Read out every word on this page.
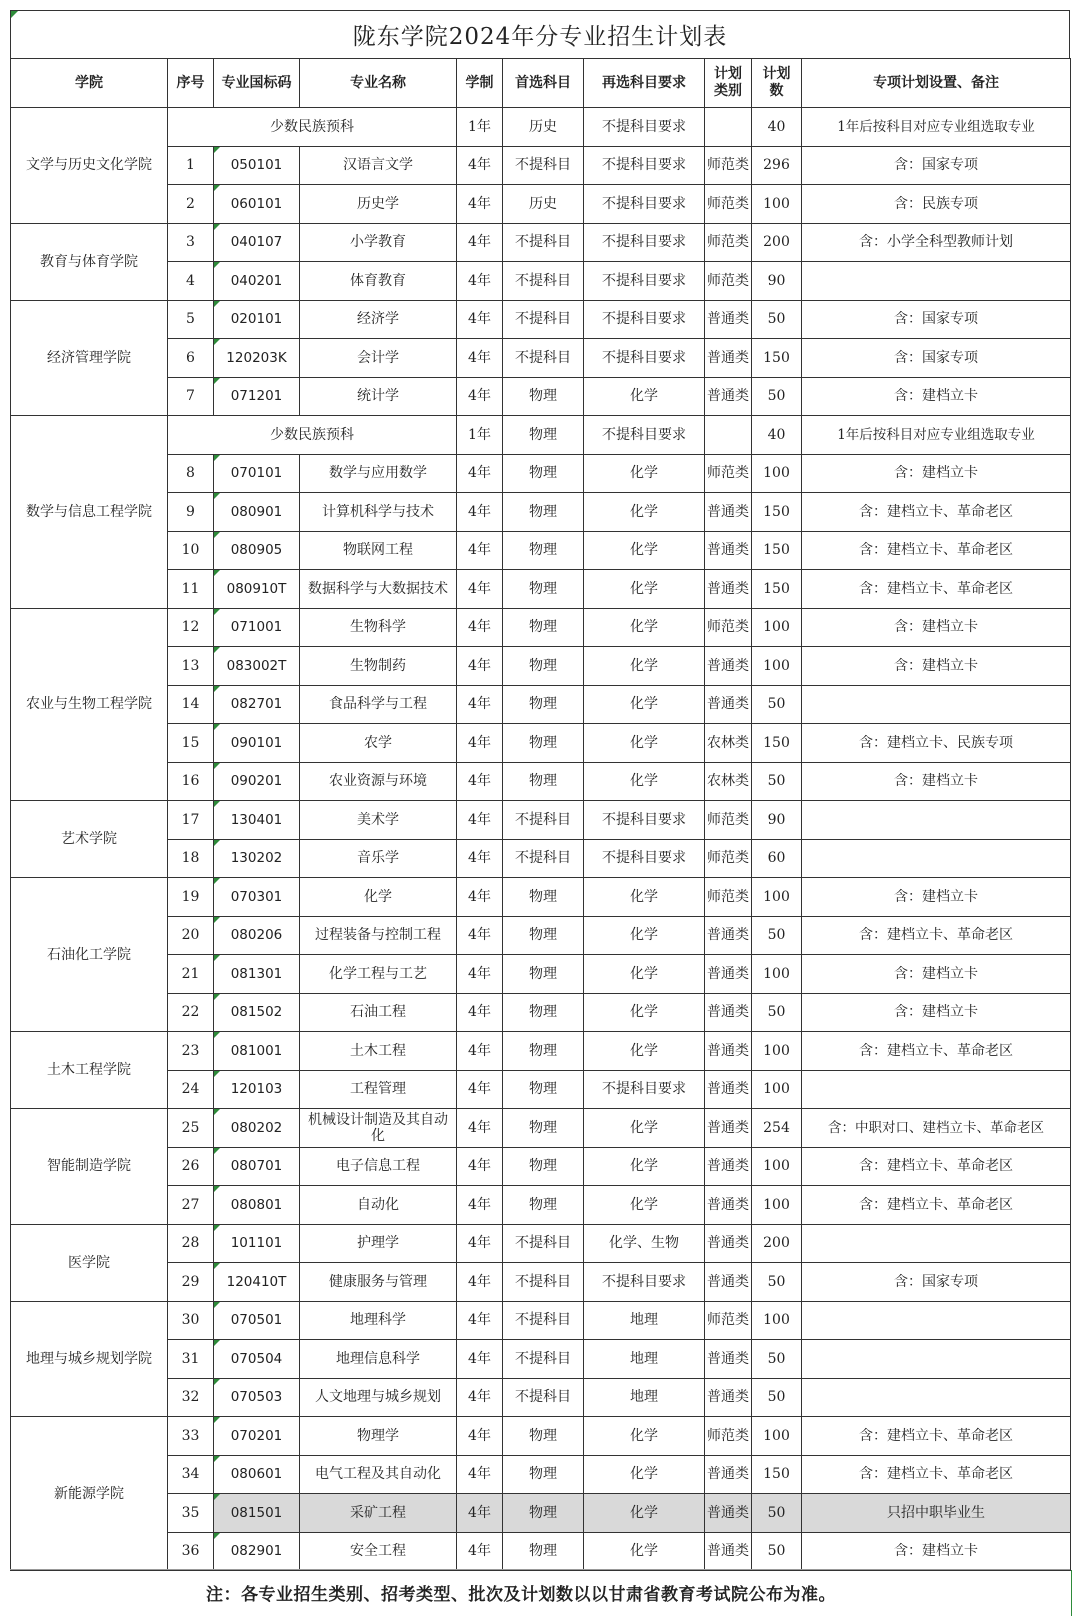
陇东学院2024年分专业招生计划表
学院	序号	专业国标码	专业名称	学制	首选科目	再选科目要求	计划类别	计划数	专项计划设置、备注
文学与历史文化学院	少数民族预科			1年	历史	不提科目要求		40	1年后按科目对应专业组选取专业
	1	050101	汉语言文学	4年	不提科目	不提科目要求	师范类	296	含：国家专项
	2	060101	历史学	4年	历史	不提科目要求	师范类	100	含：民族专项
教育与体育学院	3	040107	小学教育	4年	不提科目	不提科目要求	师范类	200	含：小学全科型教师计划
	4	040201	体育教育	4年	不提科目	不提科目要求	师范类	90	
经济管理学院	5	020101	经济学	4年	不提科目	不提科目要求	普通类	50	含：国家专项
	6	120203K	会计学	4年	不提科目	不提科目要求	普通类	150	含：国家专项
	7	071201	统计学	4年	物理	化学	普通类	50	含：建档立卡
数学与信息工程学院	少数民族预科			1年	物理	不提科目要求		40	1年后按科目对应专业组选取专业
	8	070101	数学与应用数学	4年	物理	化学	师范类	100	含：建档立卡
	9	080901	计算机科学与技术	4年	物理	化学	普通类	150	含：建档立卡、革命老区
	10	080905	物联网工程	4年	物理	化学	普通类	150	含：建档立卡、革命老区
	11	080910T	数据科学与大数据技术	4年	物理	化学	普通类	150	含：建档立卡、革命老区
农业与生物工程学院	12	071001	生物科学	4年	物理	化学	师范类	100	含：建档立卡
	13	083002T	生物制药	4年	物理	化学	普通类	100	含：建档立卡
	14	082701	食品科学与工程	4年	物理	化学	普通类	50	
	15	090101	农学	4年	物理	化学	农林类	150	含：建档立卡、民族专项
	16	090201	农业资源与环境	4年	物理	化学	农林类	50	含：建档立卡
艺术学院	17	130401	美术学	4年	不提科目	不提科目要求	师范类	90	
	18	130202	音乐学	4年	不提科目	不提科目要求	师范类	60	
石油化工学院	19	070301	化学	4年	物理	化学	师范类	100	含：建档立卡
	20	080206	过程装备与控制工程	4年	物理	化学	普通类	50	含：建档立卡、革命老区
	21	081301	化学工程与工艺	4年	物理	化学	普通类	100	含：建档立卡
	22	081502	石油工程	4年	物理	化学	普通类	50	含：建档立卡
土木工程学院	23	081001	土木工程	4年	物理	化学	普通类	100	含：建档立卡、革命老区
	24	120103	工程管理	4年	物理	不提科目要求	普通类	100	
智能制造学院	25	080202	机械设计制造及其自动化	4年	物理	化学	普通类	254	含：中职对口、建档立卡、革命老区
	26	080701	电子信息工程	4年	物理	化学	普通类	100	含：建档立卡、革命老区
	27	080801	自动化	4年	物理	化学	普通类	100	含：建档立卡、革命老区
医学院	28	101101	护理学	4年	不提科目	化学、生物	普通类	200	
	29	120410T	健康服务与管理	4年	不提科目	不提科目要求	普通类	50	含：国家专项
地理与城乡规划学院	30	070501	地理科学	4年	不提科目	地理	师范类	100	
	31	070504	地理信息科学	4年	不提科目	地理	普通类	50	
	32	070503	人文地理与城乡规划	4年	不提科目	地理	普通类	50	
新能源学院	33	070201	物理学	4年	物理	化学	师范类	100	含：建档立卡、革命老区
	34	080601	电气工程及其自动化	4年	物理	化学	普通类	150	含：建档立卡、革命老区
	35	081501	采矿工程	4年	物理	化学	普通类	50	只招中职毕业生
	36	082901	安全工程	4年	物理	化学	普通类	50	含：建档立卡
注：各专业招生类别、招考类型、批次及计划数以以甘肃省教育考试院公布为准。
